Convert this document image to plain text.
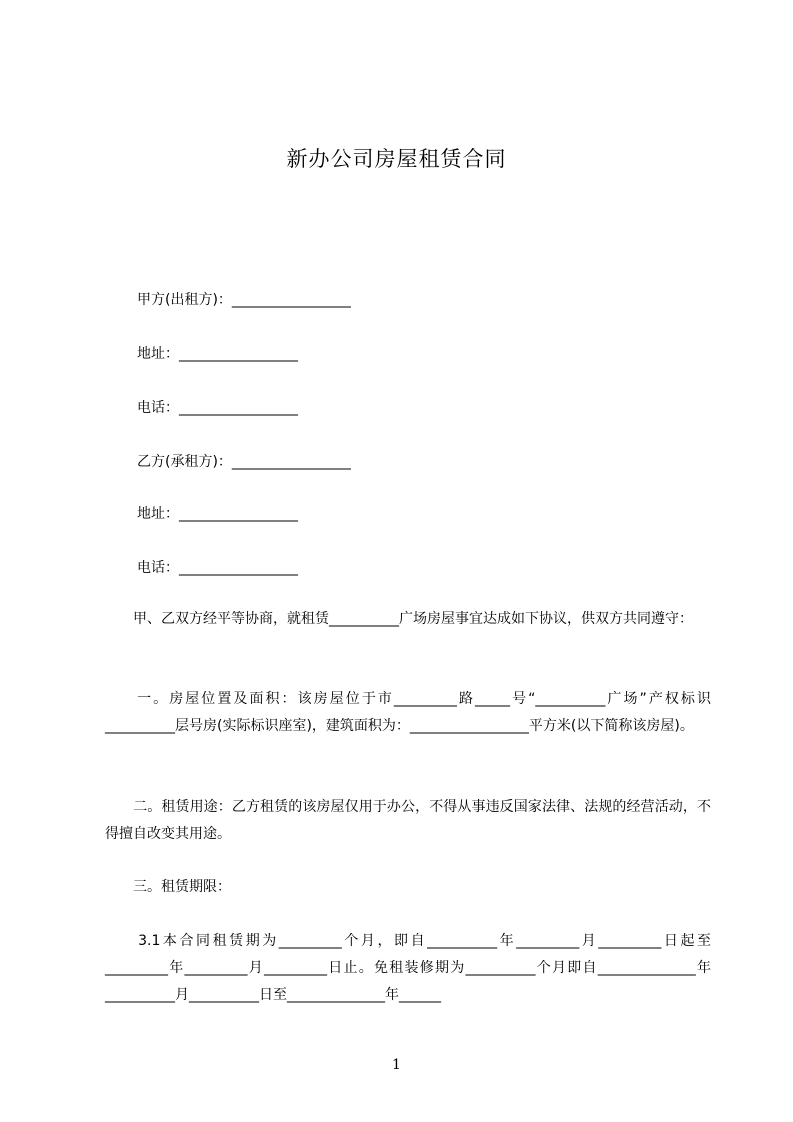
新办公司房屋租赁合同
甲方(出租方)：_________________
地址：_________________
电话：_________________
乙方(承租方)：_________________
地址：_________________
电话：_________________
　　甲、乙双方经平等协商，就租赁__________广场房屋事宜达成如下协议，供双方共同遵守：
　　一。房屋位置及面积：该房屋位于市_________路_____号“__________广场”产权标识__________层号房(实际标识座室)，建筑面积为：_________________平方米(以下简称该房屋)。
　　二。租赁用途：乙方租赁的该房屋仅用于办公，不得从事违反国家法律、法规的经营活动，不得擅自改变其用途。
　　三。租赁期限：
　　3.1本合同租赁期为_________个月，即自__________年_________月_________日起至_________年_________月_________日止。免租装修期为__________个月即自______________年__________月__________日至______________年______
1
